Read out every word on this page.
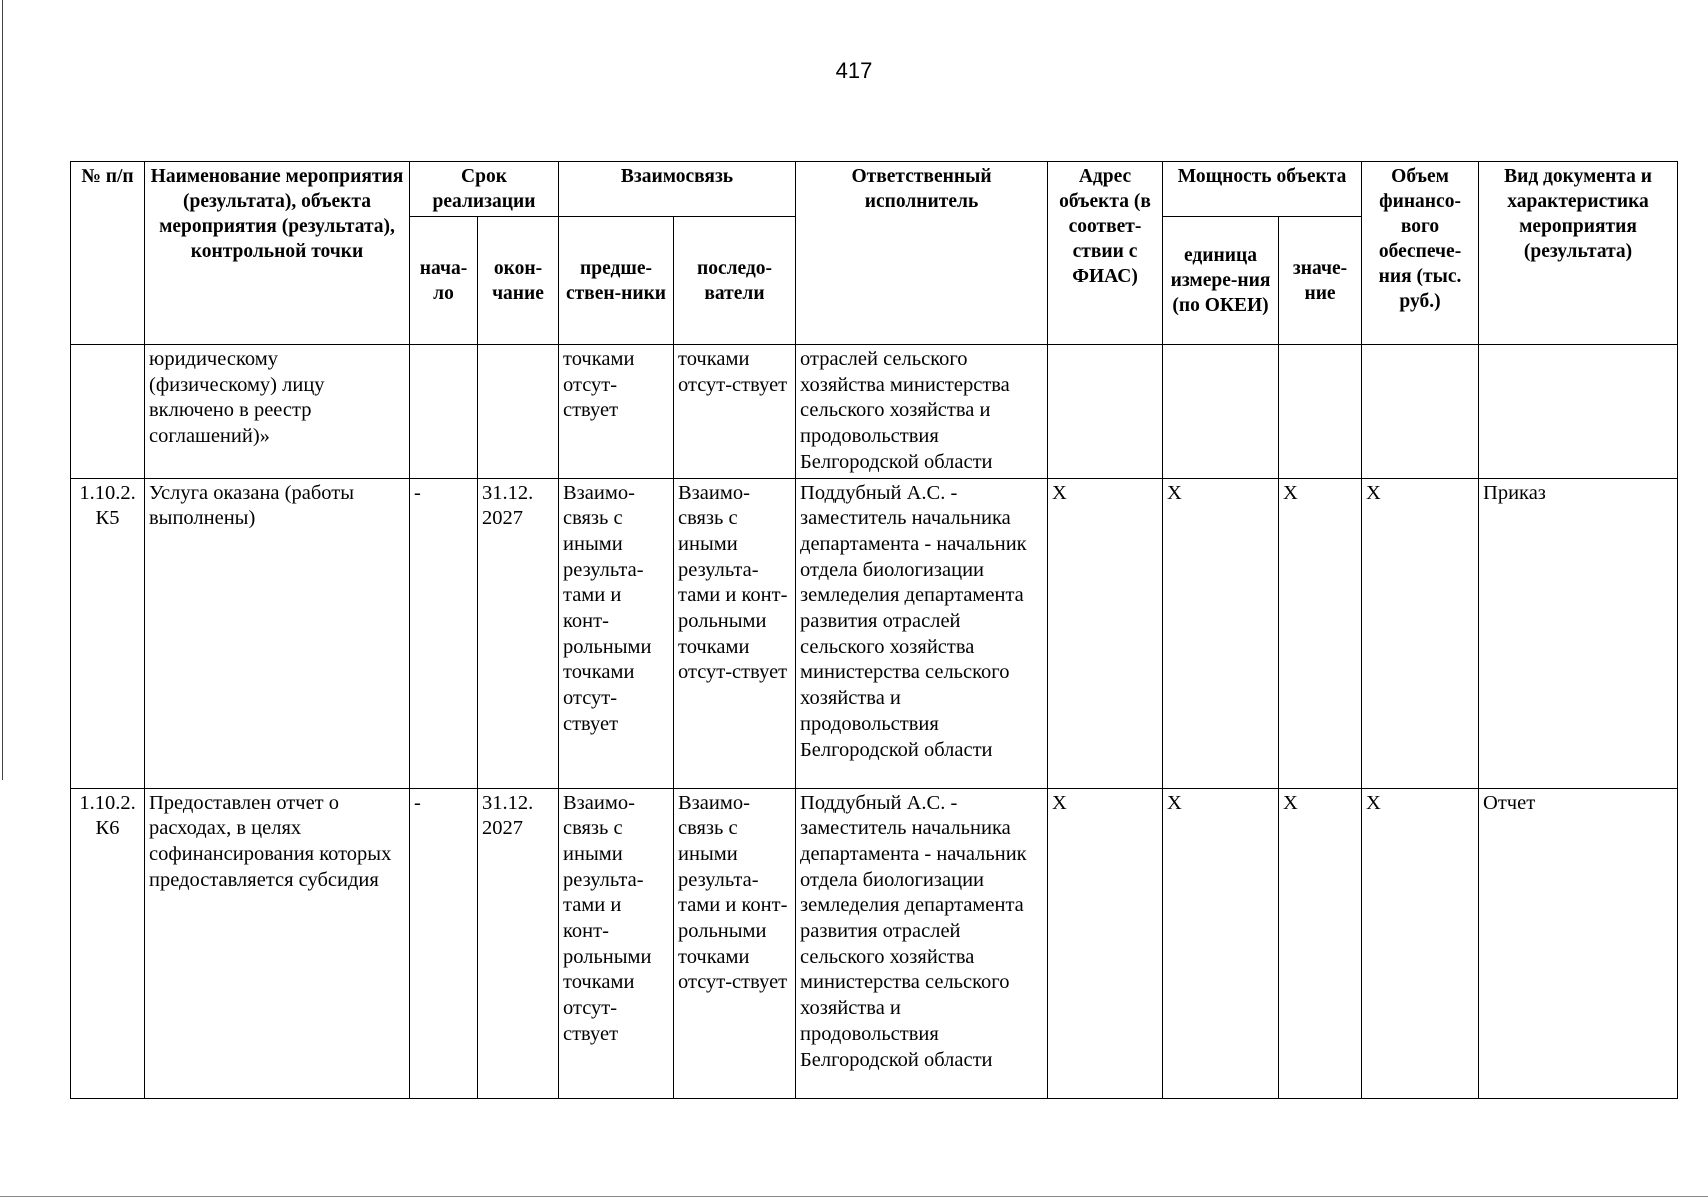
417
№ п/п	Наименование мероприятия (результата), объекта мероприятия (результата), контрольной точки	Срок реализации		Взаимосвязь		Ответственный исполнитель	Адрес объекта (в соответ-ствии с ФИАС)	Мощность объекта		Объем финансо-вого обеспече-ния (тыс. руб.)	Вид документа и характеристика мероприятия (результата)
		нача-ло	окон-чание	предше-ствен-ники	последо-ватели			единица измере-ния (по ОКЕИ)	значе-ние		
	юридическому (физическому) лицу включено в реестр соглашений)»			точками отсут-ствует	точками отсут-ствует	отраслей сельского хозяйства министерства сельского хозяйства и продовольствия Белгородской области					
1.10.2. К5	Услуга оказана (работы выполнены)	-	31.12. 2027	Взаимо-связь с иными результа-тами и конт-рольными точками отсут-ствует	Взаимо-связь с иными результа-тами и конт-рольными точками отсут-ствует	Поддубный А.С. - заместитель начальника департамента - начальник отдела биологизации земледелия департамента развития отраслей сельского хозяйства министерства сельского хозяйства и продовольствия Белгородской области	X	X	X	X	Приказ
1.10.2. К6	Предоставлен отчет о расходах, в целях софинансирования которых предоставляется субсидия	-	31.12. 2027	Взаимо-связь с иными результа-тами и конт-рольными точками отсут-ствует	Взаимо-связь с иными результа-тами и конт-рольными точками отсут-ствует	Поддубный А.С. - заместитель начальника департамента - начальник отдела биологизации земледелия департамента развития отраслей сельского хозяйства министерства сельского хозяйства и продовольствия Белгородской области	X	X	X	X	Отчет
